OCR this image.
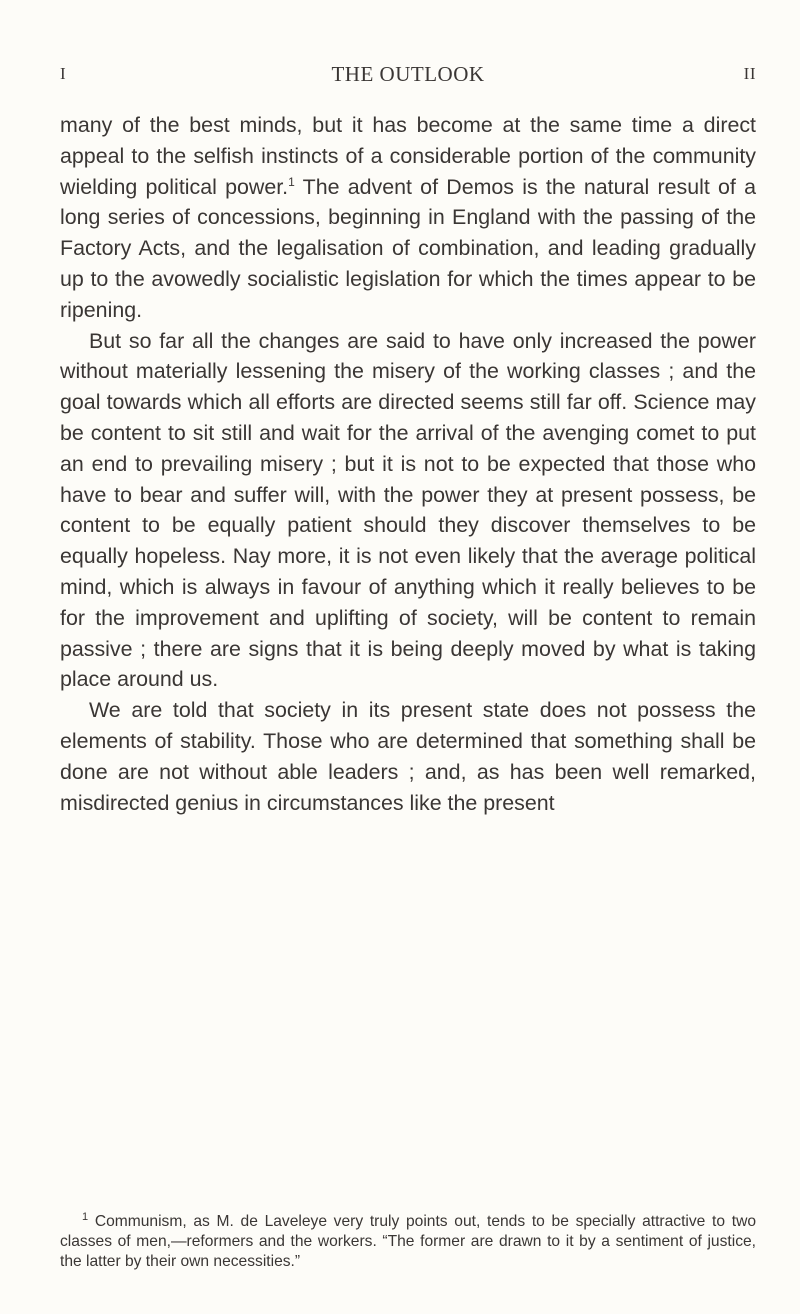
I	THE OUTLOOK	II

many of the best minds, but it has become at the same time a direct appeal to the selfish instincts of a considerable portion of the community wielding political power.$^1$ The advent of Demos is the natural result of a long series of concessions, beginning in England with the passing of the Factory Acts, and the legalisation of combination, and leading gradually up to the avowedly socialistic legislation for which the times appear to be ripening.

But so far all the changes are said to have only increased the power without materially lessening the misery of the working classes ; and the goal towards which all efforts are directed seems still far off. Science may be content to sit still and wait for the arrival of the avenging comet to put an end to prevailing misery ; but it is not to be expected that those who have to bear and suffer will, with the power they at present possess, be content to be equally patient should they discover themselves to be equally hopeless. Nay more, it is not even likely that the average political mind, which is always in favour of anything which it really believes to be for the improvement and uplifting of society, will be content to remain passive ; there are signs that it is being deeply moved by what is taking place around us.

We are told that society in its present state does not possess the elements of stability. Those who are determined that something shall be done are not without able leaders ; and, as has been well remarked, misdirected genius in circumstances like the present

$^1$ Communism, as M. de Laveleye very truly points out, tends to be specially attractive to two classes of men,—reformers and the workers. “The former are drawn to it by a sentiment of justice, the latter by their own necessities.”
